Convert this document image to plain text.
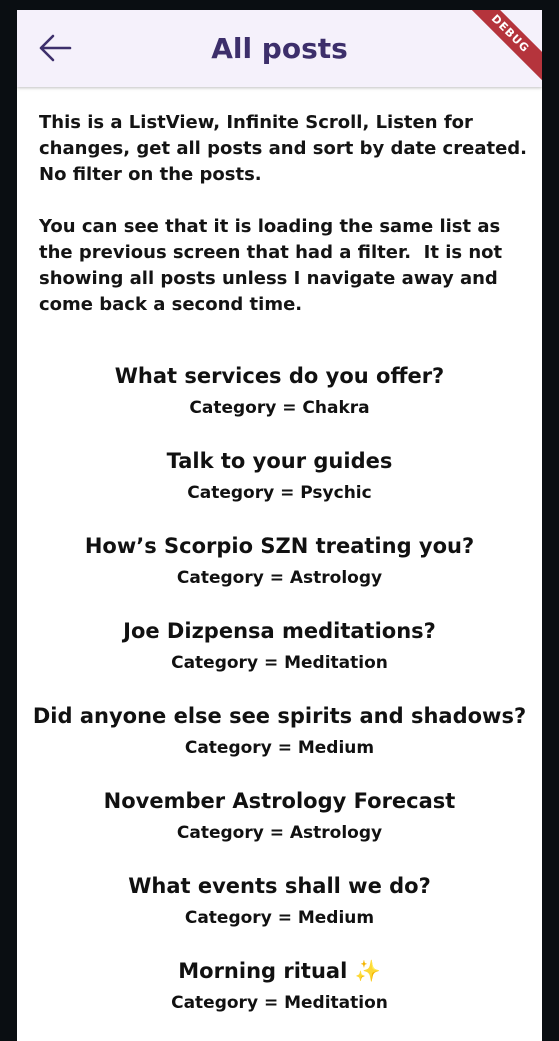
All posts	DEBUG
This is a ListView, Infinite Scroll, Listen for changes, get all posts and sort by date created. No filter on the posts.

You can see that it is loading the same list as the previous screen that had a filter.  It is not showing all posts unless I navigate away and come back a second time.
What services do you offer?
Category = Chakra
Talk to your guides
Category = Psychic
How’s Scorpio SZN treating you?
Category = Astrology
Joe Dizpensa meditations?
Category = Meditation
Did anyone else see spirits and shadows?
Category = Medium
November Astrology Forecast
Category = Astrology
What events shall we do?
Category = Medium
Morning ritual ✨
Category = Meditation
